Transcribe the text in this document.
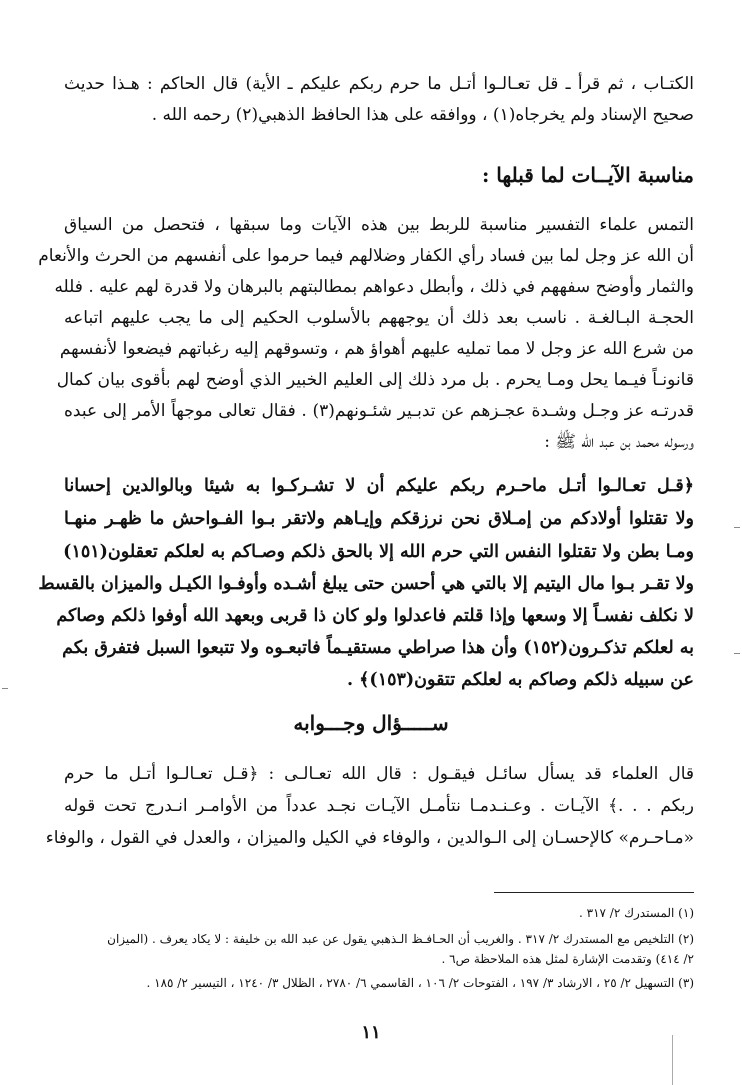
الكتـاب ، ثم قرأ ـ قل تعـالـوا أتـل ما حرم ربكم عليكم ـ الأية) قال الحاكم : هـذا حديث
صحيح الإسناد ولم يخرجاه(١) ، ووافقه على هذا الحافظ الذهبي(٢) رحمه الله .
مناسبة الآيــات لما قبلها :
التمس علماء التفسير مناسبة للربط بين هذه الآيات وما سبقها ، فتحصل من السياق
أن الله عز وجل لما بين فساد رأي الكفار وضلالهم فيما حرموا على أنفسهم من الحرث والأنعام
والثمار وأوضح سفههم في ذلك ، وأبطل دعواهم بمطالبتهم بالبرهان ولا قدرة لهم عليه . فلله
الحجـة البـالغـة . ناسب بعد ذلك أن يوجههم بالأسلوب الحكيم إلى ما يجب عليهم اتباعه
من شرع الله عز وجل لا مما تمليه عليهم أهواؤ هم ، وتسوقهم إليه رغباتهم فيضعوا لأنفسهم
قانونـاً فيـما يحل ومـا يحرم . بل مرد ذلك إلى العليم الخبير الذي أوضح لهم بأقوى بيان كمال
قدرتـه عز وجـل وشـدة عجـزهم عن تدبـير شئـونهم(٣) . فقال تعالى موجهاً الأمر إلى عبده
ورسوله محمد بن عبد الله ﷺ :
﴿قـل تعـالـوا أتـل ماحـرم ربكم عليكم أن لا تشـركـوا به شيئا وبالوالدين إحسانا
ولا تقتلوا أولادكم من إمـلاق نحن نرزقكم وإيـاهم ولاتقر بـوا الفـواحش ما ظهـر منهـا
ومـا بطن ولا تقتلوا النفس التي حرم الله إلا بالحق ذلكم وصـاكم به لعلكم تعقلون(١٥١)
ولا تقـر بـوا مال اليتيم إلا بالتي هي أحسن حتى يبلغ أشـده وأوفـوا الكيـل والميزان بالقسط
لا نكلف نفسـاً إلا وسعها وإذا قلتم فاعدلوا ولو كان ذا قربى وبعهد الله أوفوا ذلكم وصاكم
به لعلكم تذكـرون(١٥٢) وأن هذا صراطي مستقيـماً فاتبعـوه ولا تتبعوا السبل فتفرق بكم
عن سبيله ذلكم وصاكم به لعلكم تتقون(١٥٣)﴾ .
ســـــؤال وجـــوابه
قال العلماء قد يسأل سائـل فيقـول : قال الله تعـالـى : ﴿قـل تعـالـوا أتـل ما حرم
ربكم . . .﴾ الآيـات . وعـنـدمـا نتأمـل الآيـات نجـد عدداً من الأوامـر انـدرج تحت قوله
«مـاحـرم» كالإحسـان إلى الـوالدين ، والوفاء في الكيل والميزان ، والعدل في القول ، والوفاء
(١) المستدرك ٢/ ٣١٧ .
(٢) التلخيص مع المستدرك ٢/ ٣١٧ . والغريب أن الحـافـظ الـذهبي يقول عن عبد الله بن خليفة : لا يكاد يعرف . (الميزان
٢/ ٤١٤) وتقدمت الإشارة لمثل هذه الملاحظة ص٦ .
(٣) التسهيل ٢/ ٢٥ ، الارشاد ٣/ ١٩٧ ، الفتوحات ٢/ ١٠٦ ، القاسمي ٦/ ٢٧٨٠ ، الظلال ٣/ ١٢٤٠ ، التيسير ٢/ ١٨٥ .
١١
